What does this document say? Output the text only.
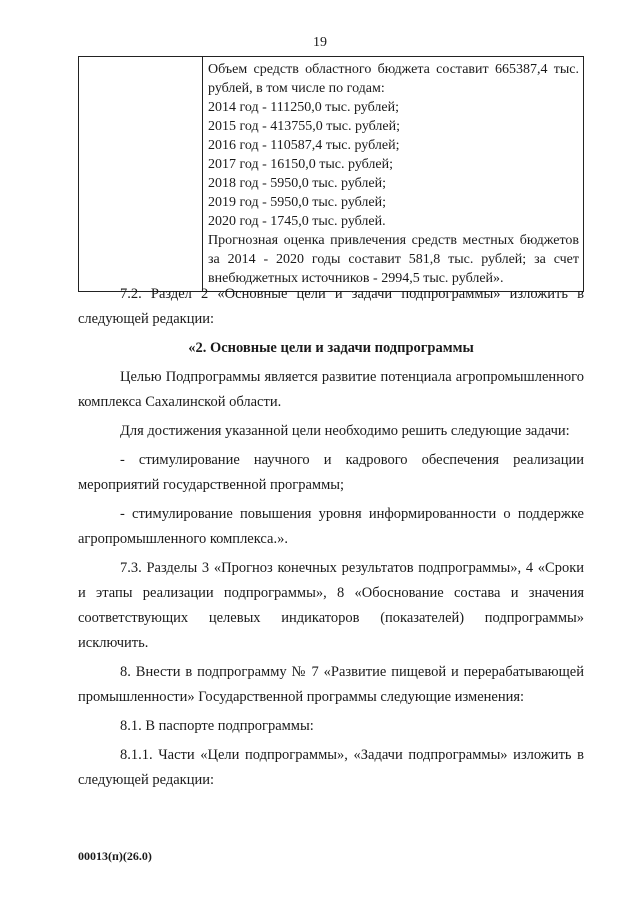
19

Объем средств областного бюджета составит 665387,4 тыс. рублей, в том числе по годам:
2014 год - 111250,0 тыс. рублей;
2015 год - 413755,0 тыс. рублей;
2016 год - 110587,4 тыс. рублей;
2017 год - 16150,0 тыс. рублей;
2018 год - 5950,0 тыс. рублей;
2019 год - 5950,0 тыс. рублей;
2020 год - 1745,0 тыс. рублей.
Прогнозная оценка привлечения средств местных бюджетов за 2014 - 2020 годы составит 581,8 тыс. рублей; за счет внебюджетных источников - 2994,5 тыс. рублей».

7.2. Раздел 2 «Основные цели и задачи подпрограммы» изложить в следующей редакции:

«2. Основные цели и задачи подпрограммы

Целью Подпрограммы является развитие потенциала агропромышленного комплекса Сахалинской области.

Для достижения указанной цели необходимо решить следующие задачи:

- стимулирование научного и кадрового обеспечения реализации мероприятий государственной программы;

- стимулирование повышения уровня информированности о поддержке агропромышленного комплекса.».

7.3. Разделы 3 «Прогноз конечных результатов подпрограммы», 4 «Сроки и этапы реализации подпрограммы», 8 «Обоснование состава и значения соответствующих целевых индикаторов (показателей) подпрограммы» исключить.

8. Внести в подпрограмму № 7 «Развитие пищевой и перерабатывающей промышленности» Государственной программы следующие изменения:

8.1. В паспорте подпрограммы:

8.1.1. Части «Цели подпрограммы», «Задачи подпрограммы» изложить в следующей редакции:

00013(п)(26.0)
